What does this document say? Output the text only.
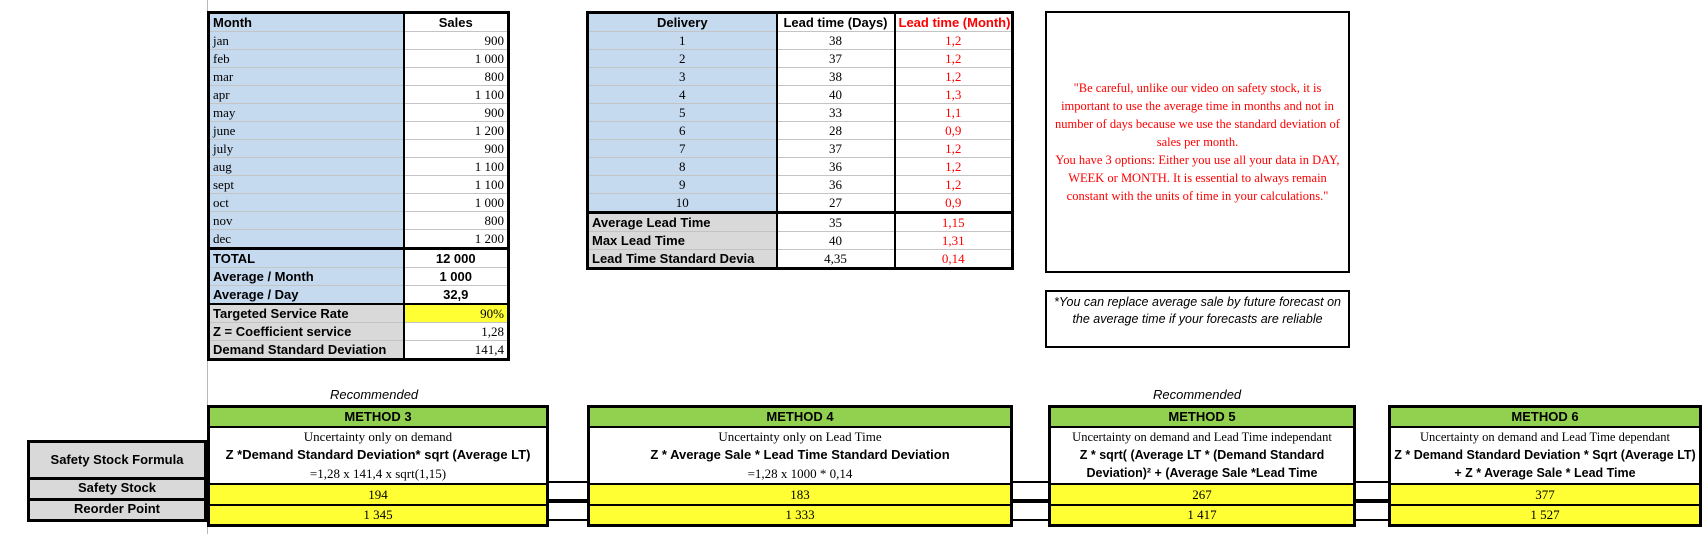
Month	Sales
jan	900
feb	1 000
mar	800
apr	1 100
may	900
june	1 200
july	900
aug	1 100
sept	1 100
oct	1 000
nov	800
dec	1 200
TOTAL	12 000
Average / Month	1 000
Average / Day	32,9
Targeted Service Rate	90%
Z = Coefficient service	1,28
Demand Standard Deviation	141,4
Delivery	Lead time (Days)	Lead time (Month)
1	38	1,2
2	37	1,2
3	38	1,2
4	40	1,3
5	33	1,1
6	28	0,9
7	37	1,2
8	36	1,2
9	36	1,2
10	27	0,9
Average Lead Time	35	1,15
Max Lead Time	40	1,31
Lead Time Standard Devia	4,35	0,14
"Be careful, unlike our video on safety stock, it is important to use the average time in months and not in number of days because we use the standard deviation of sales per month.
You have 3 options: Either you use all your data in DAY, WEEK or MONTH. It is essential to always remain constant with the units of time in your calculations."
*You can replace average sale by future forecast on the average time if your forecasts are reliable
Recommended	Recommended
Safety Stock Formula
Safety Stock
Reorder Point
METHOD 3
Uncertainty only on demand
Z *Demand Standard Deviation* sqrt (Average LT)
=1,28 x 141,4 x sqrt(1,15)
194
1 345
METHOD 4
Uncertainty only on Lead Time
Z * Average Sale * Lead Time Standard Deviation
=1,28 x 1000 * 0,14
183
1 333
METHOD 5
Uncertainty on demand and Lead Time independant
Z * sqrt( (Average LT * (Demand Standard Deviation)² + (Average Sale *Lead Time
267
1 417
METHOD 6
Uncertainty on demand and Lead Time dependant
Z * Demand Standard Deviation * Sqrt (Average LT) + Z * Average Sale * Lead Time
377
1 527
